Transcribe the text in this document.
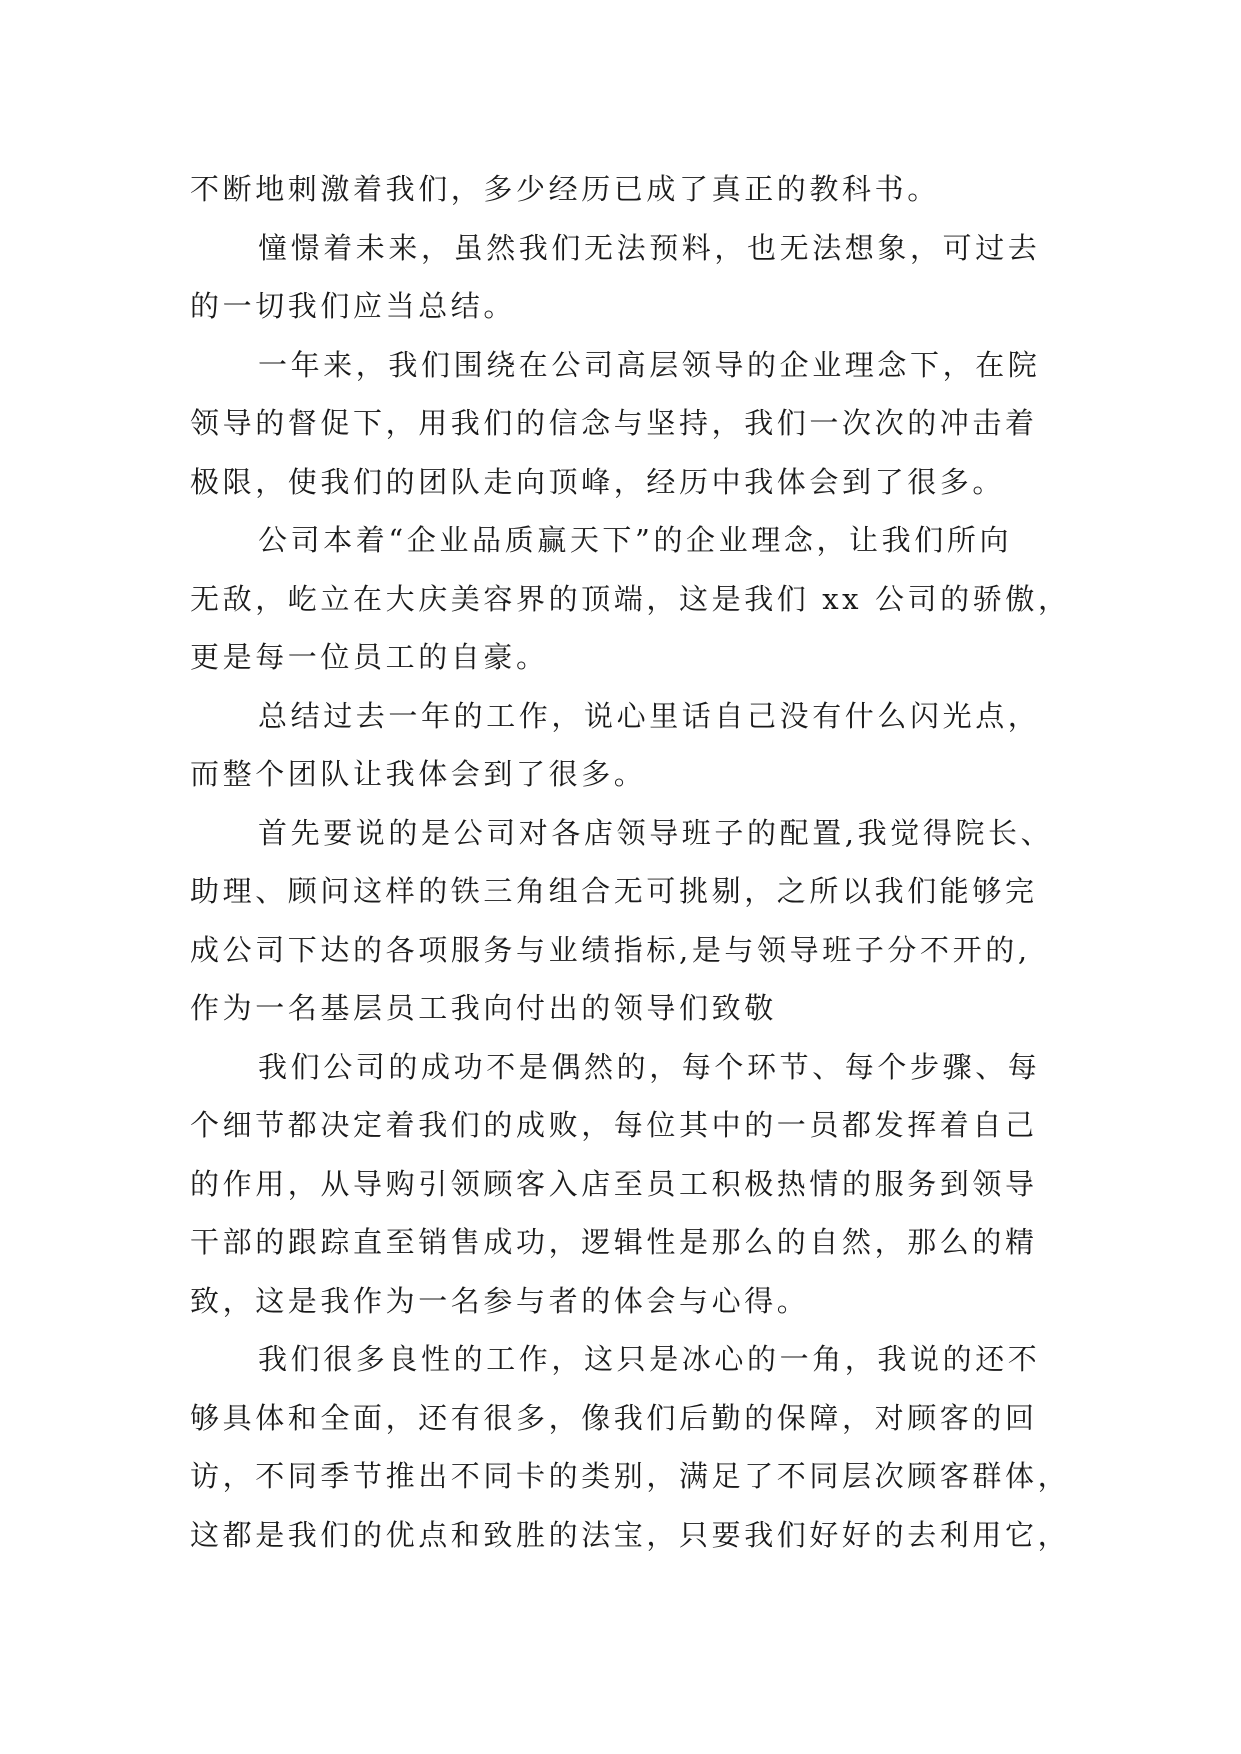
不断地刺激着我们，多少经历已成了真正的教科书。
憧憬着未来，虽然我们无法预料，也无法想象，可过去
的一切我们应当总结。
一年来，我们围绕在公司高层领导的企业理念下，在院
领导的督促下，用我们的信念与坚持，我们一次次的冲击着
极限，使我们的团队走向顶峰，经历中我体会到了很多。
公司本着“企业品质赢天下”的企业理念，让我们所向
无敌，屹立在大庆美容界的顶端，这是我们 xx 公司的骄傲，
更是每一位员工的自豪。
总结过去一年的工作，说心里话自己没有什么闪光点，
而整个团队让我体会到了很多。
首先要说的是公司对各店领导班子的配置,我觉得院长、
助理、顾问这样的铁三角组合无可挑剔，之所以我们能够完
成公司下达的各项服务与业绩指标,是与领导班子分不开的,
作为一名基层员工我向付出的领导们致敬
我们公司的成功不是偶然的，每个环节、每个步骤、每
个细节都决定着我们的成败，每位其中的一员都发挥着自己
的作用，从导购引领顾客入店至员工积极热情的服务到领导
干部的跟踪直至销售成功，逻辑性是那么的自然，那么的精
致，这是我作为一名参与者的体会与心得。
我们很多良性的工作，这只是冰心的一角，我说的还不
够具体和全面，还有很多，像我们后勤的保障，对顾客的回
访，不同季节推出不同卡的类别，满足了不同层次顾客群体，
这都是我们的优点和致胜的法宝，只要我们好好的去利用它，
